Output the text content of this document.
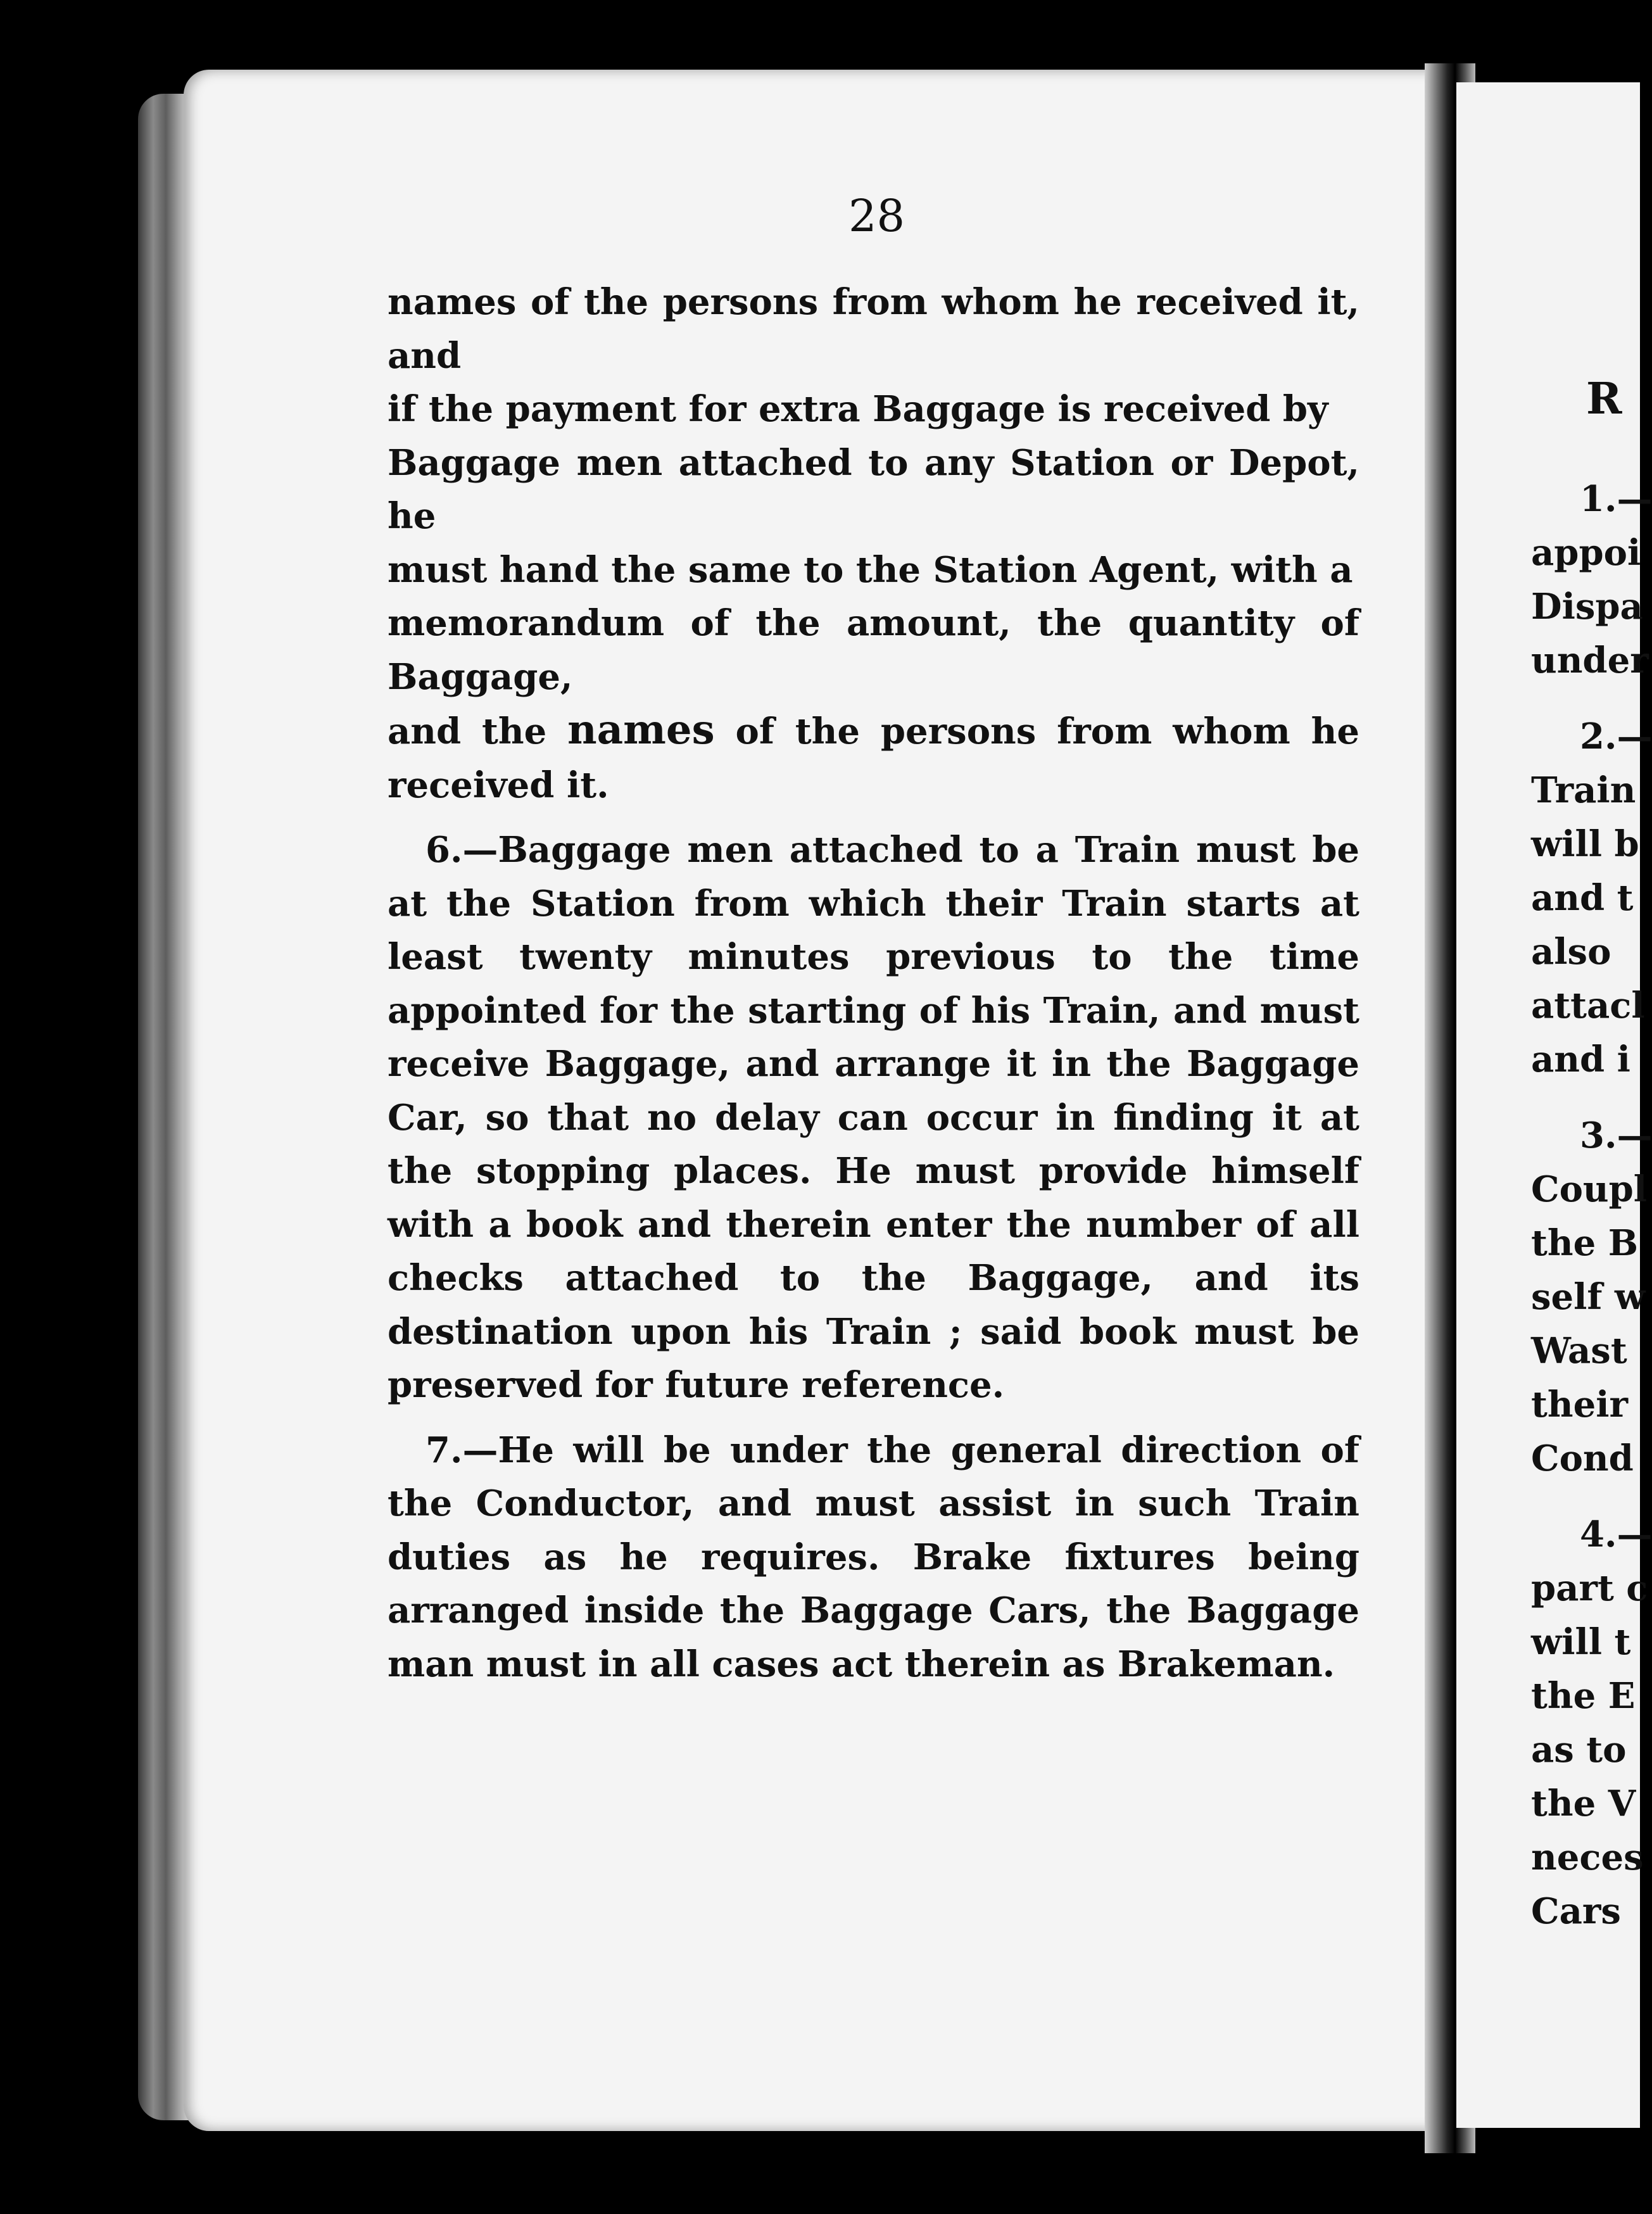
28

names of the persons from whom he received it, and

if the payment for extra Baggage is received by

Baggage men attached to any Station or Depot, he

must hand the same to the Station Agent, with a

memorandum of the amount, the quantity of Baggage,

and the names of the persons from whom he received it.

6.—Baggage men attached to a Train must be at the Station from which their Train starts at least twenty minutes previous to the time appointed for the starting of his Train, and must receive Baggage, and arrange it in the Baggage Car, so that no delay can occur in finding it at the stopping places. He must provide himself with a book and therein enter the number of all checks attached to the Baggage, and its destination upon his Train ; said book must be preserved for future reference.

7.—He will be under the general direction of the Conductor, and must assist in such Train duties as he requires. Brake fixtures being arranged inside the Baggage Cars, the Baggage man must in all cases act therein as Brakeman.

R
1.—
appoi
Dispa
under
2.—
Train
will b
and t
also
attacl
and i
3.—
Coupl
the B
self w
Wast
their
Cond
4.—
part c
will t
the E
as to
the V
neces
Cars
